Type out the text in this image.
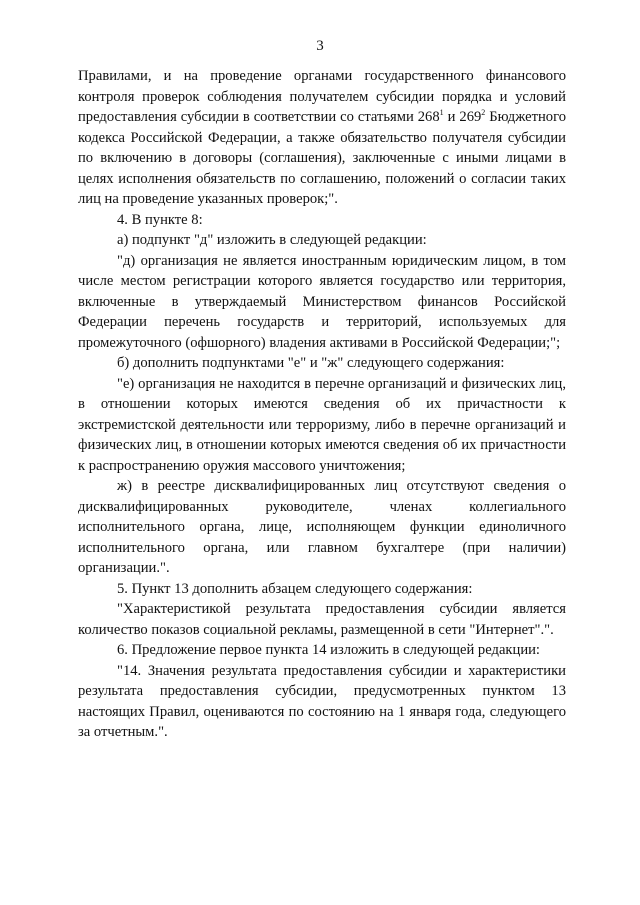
3

Правилами, и на проведение органами государственного финансового контроля проверок соблюдения получателем субсидии порядка и условий предоставления субсидии в соответствии со статьями $268^1$ и $269^2$ Бюджетного кодекса Российской Федерации, а также обязательство получателя субсидии по включению в договоры (соглашения), заключенные с иными лицами в целях исполнения обязательств по соглашению, положений о согласии таких лиц на проведение указанных проверок;".

4. В пункте 8:

а) подпункт "д" изложить в следующей редакции:

"д) организация не является иностранным юридическим лицом, в том числе местом регистрации которого является государство или территория, включенные в утверждаемый Министерством финансов Российской Федерации перечень государств и территорий, используемых для промежуточного (офшорного) владения активами в Российской Федерации;";

б) дополнить подпунктами "е" и "ж" следующего содержания:

"е) организация не находится в перечне организаций и физических лиц, в отношении которых имеются сведения об их причастности к экстремистской деятельности или терроризму, либо в перечне организаций и физических лиц, в отношении которых имеются сведения об их причастности к распространению оружия массового уничтожения;

ж) в реестре дисквалифицированных лиц отсутствуют сведения о дисквалифицированных руководителе, членах коллегиального исполнительного органа, лице, исполняющем функции единоличного исполнительного органа, или главном бухгалтере (при наличии) организации.".

5. Пункт 13 дополнить абзацем следующего содержания:

"Характеристикой результата предоставления субсидии является количество показов социальной рекламы, размещенной в сети "Интернет".".

6. Предложение первое пункта 14 изложить в следующей редакции:

"14. Значения результата предоставления субсидии и характеристики результата предоставления субсидии, предусмотренных пунктом 13 настоящих Правил, оцениваются по состоянию на 1 января года, следующего за отчетным.".
